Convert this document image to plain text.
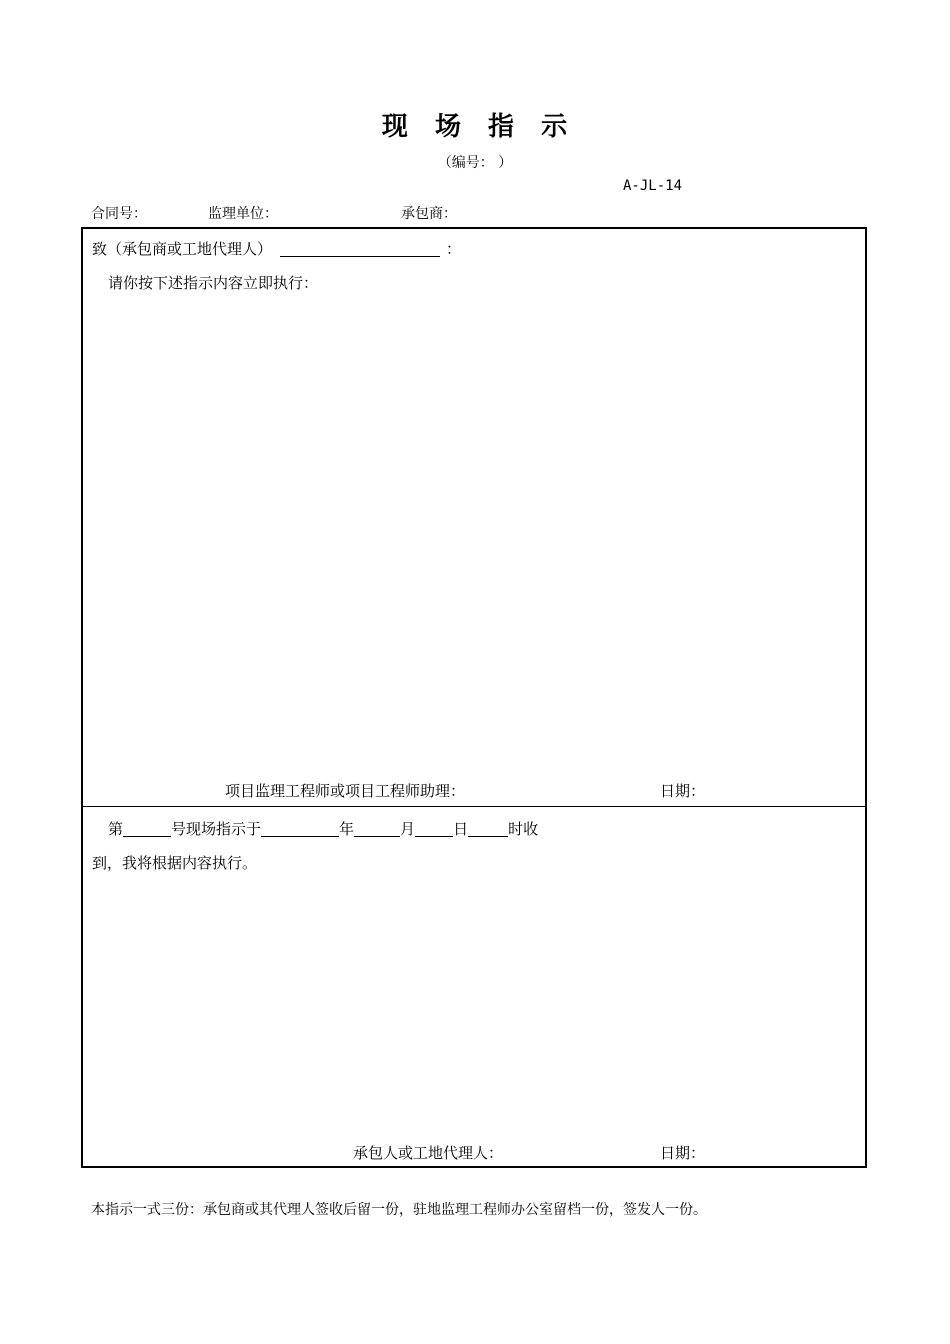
现 场 指 示
（编号： ）
A-JL-14
合同号：	监理单位：	承包商：
致（承包商或工地代理人）	：
请你按下述指示内容立即执行：
项目监理工程师或项目工程师助理：	日期：
第	号现场指示于	年	月	日	时收
到，我将根据内容执行。
承包人或工地代理人：	日期：
本指示一式三份：承包商或其代理人签收后留一份，驻地监理工程师办公室留档一份，签发人一份。
